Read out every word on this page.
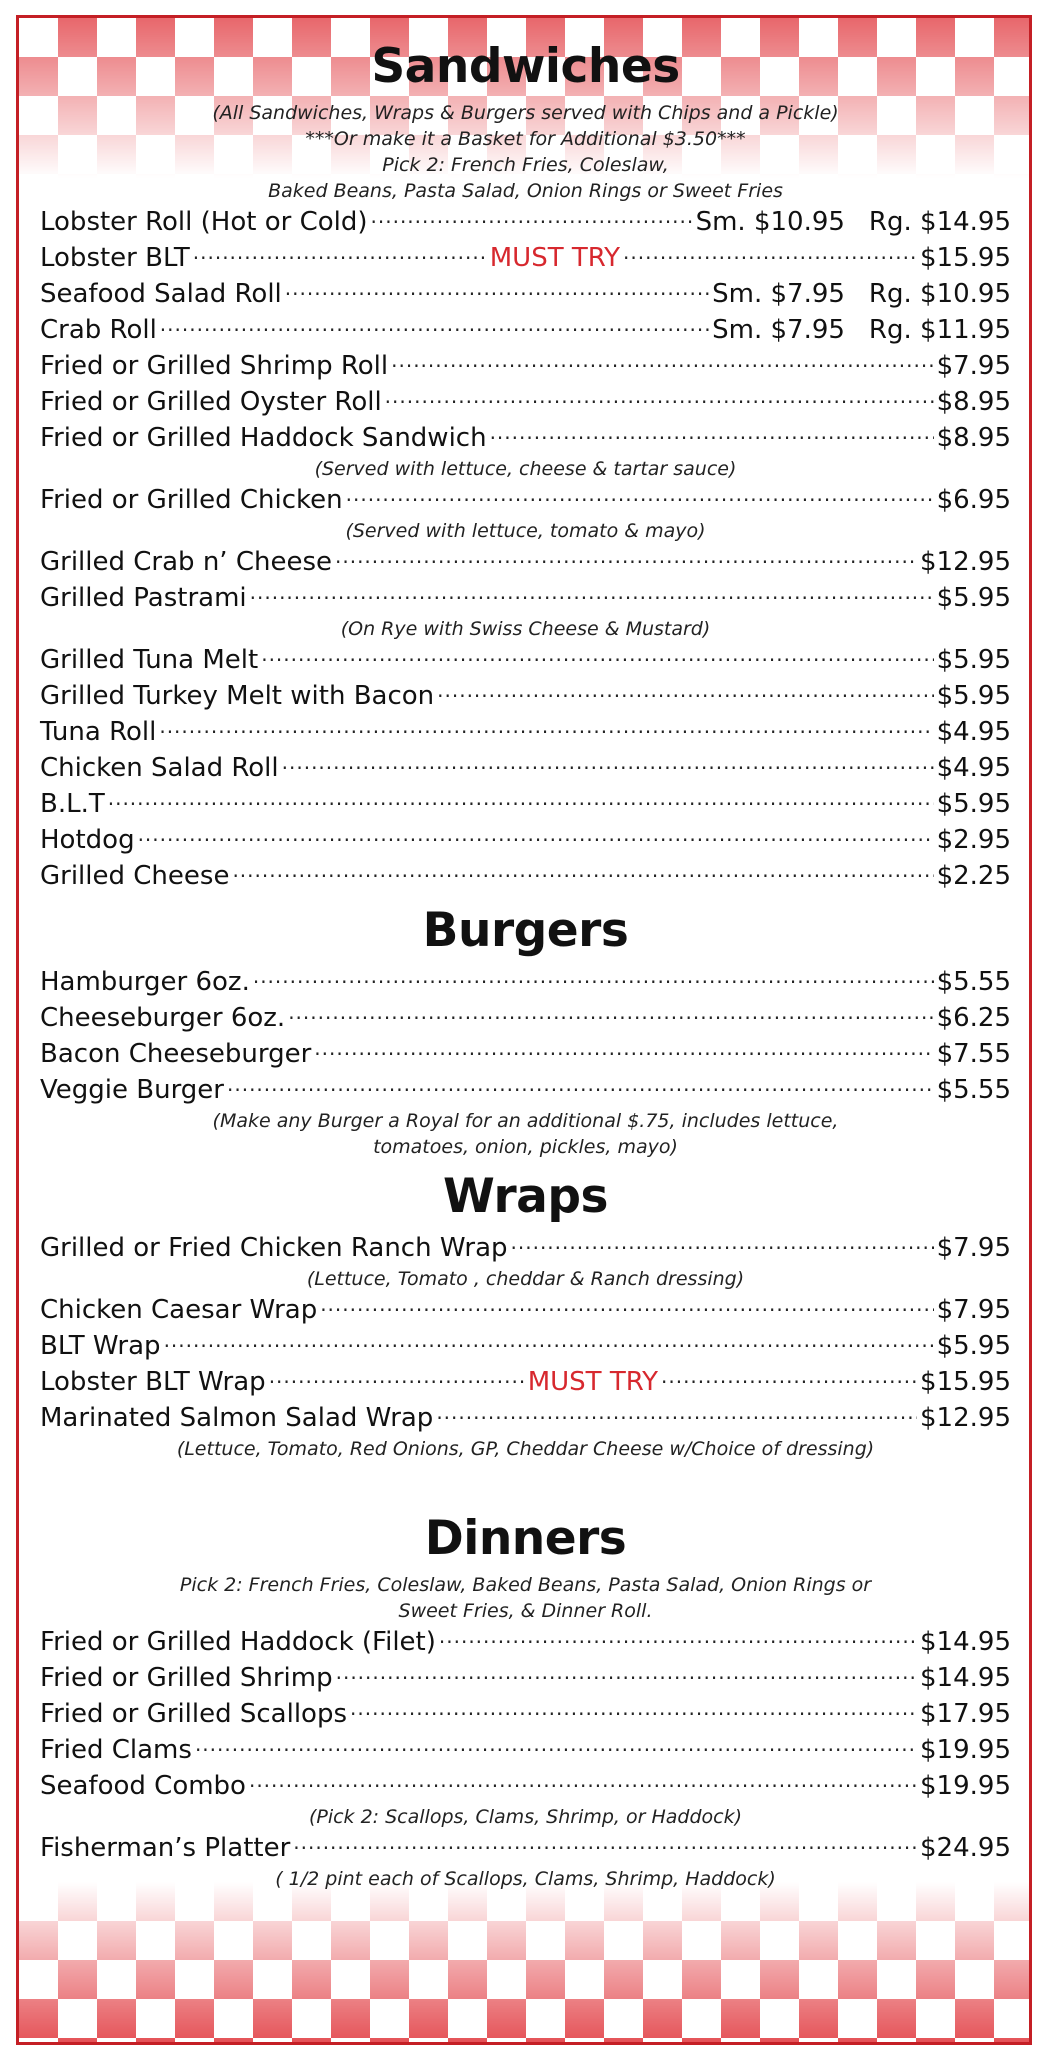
Sandwiches

(All Sandwiches, Wraps & Burgers served with Chips and a Pickle)

***Or make it a Basket for Additional $3.50***

Pick 2: French Fries, Coleslaw,

Baked Beans, Pasta Salad, Onion Rings or Sweet Fries

Lobster Roll (Hot or Cold) .....	Sm. $10.95 Rg. $14.95
Lobster BLT .....	MUST TRY .....	$15.95
Seafood Salad Roll .....	Sm. $7.95 Rg. $10.95
Crab Roll .....	Sm. $7.95 Rg. $11.95
Fried or Grilled Shrimp Roll .....	$7.95
Fried or Grilled Oyster Roll .....	$8.95
Fried or Grilled Haddock Sandwich .....	$8.95

(Served with lettuce, cheese & tartar sauce)

Fried or Grilled Chicken .....	$6.95

(Served with lettuce, tomato & mayo)

Grilled Crab n’ Cheese .....	$12.95
Grilled Pastrami .....	$5.95

(On Rye with Swiss Cheese & Mustard)

Grilled Tuna Melt .....	$5.95
Grilled Turkey Melt with Bacon .....	$5.95
Tuna Roll .....	$4.95
Chicken Salad Roll .....	$4.95
B.L.T .....	$5.95
Hotdog .....	$2.95
Grilled Cheese .....	$2.25
Burgers
Hamburger 6oz. .....	$5.55
Cheeseburger 6oz. .....	$6.25
Bacon Cheeseburger .....	$7.55
Veggie Burger .....	$5.55

(Make any Burger a Royal for an additional $.75, includes lettuce,

tomatoes, onion, pickles, mayo)

Wraps
Grilled or Fried Chicken Ranch Wrap .....	$7.95

(Lettuce, Tomato , cheddar & Ranch dressing)

Chicken Caesar Wrap .....	$7.95
BLT Wrap .....	$5.95
Lobster BLT Wrap .....	MUST TRY .....	$15.95
Marinated Salmon Salad Wrap .....	$12.95

(Lettuce, Tomato, Red Onions, GP, Cheddar Cheese w/Choice of dressing)

Dinners

Pick 2: French Fries, Coleslaw, Baked Beans, Pasta Salad, Onion Rings or

Sweet Fries, & Dinner Roll.

Fried or Grilled Haddock (Filet) .....	$14.95
Fried or Grilled Shrimp .....	$14.95
Fried or Grilled Scallops .....	$17.95
Fried Clams .....	$19.95
Seafood Combo .....	$19.95

(Pick 2: Scallops, Clams, Shrimp, or Haddock)

Fisherman’s Platter .....	$24.95

( 1/2 pint each of Scallops, Clams, Shrimp, Haddock)
